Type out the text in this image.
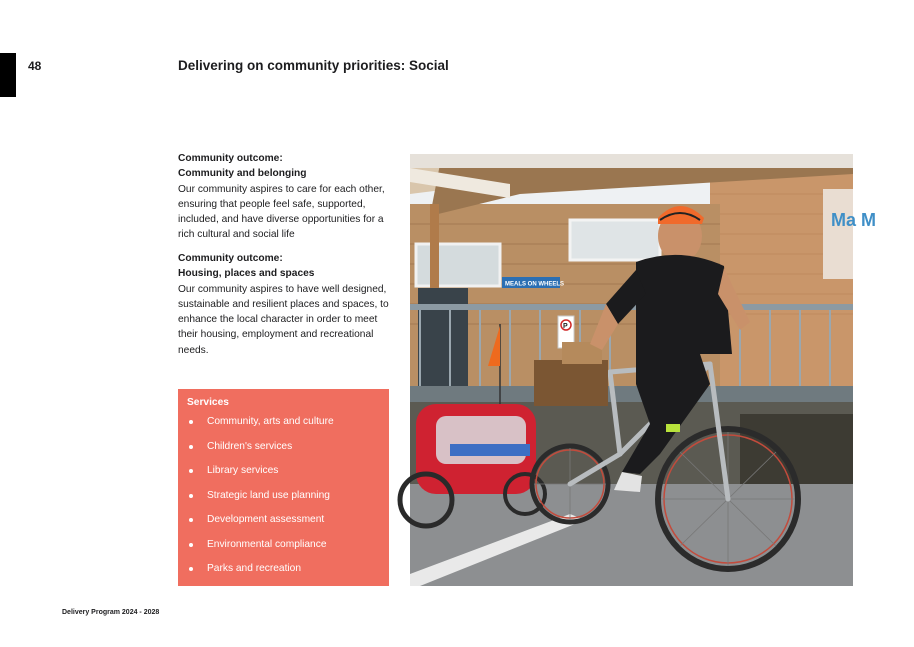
48	Delivering on community priorities: Social
Community outcome:
Community and belonging
Our community aspires to care for each other, ensuring that people feel safe, supported, included, and have diverse opportunities for a rich cultural and social life
Community outcome:
Housing, places and spaces
Our community aspires to have well designed, sustainable and resilient places and spaces, to enhance the local character in order to meet their housing, employment and recreational needs.
Services
Community, arts and culture
Children's services
Library services
Strategic land use planning
Development assessment
Environmental compliance
Parks and recreation
Ma M
MEALS ON WHEELS
P
Delivery Program 2024 - 2028
